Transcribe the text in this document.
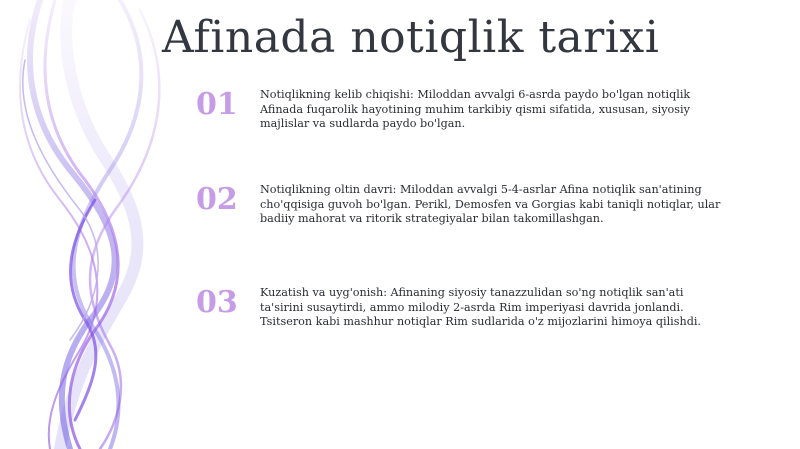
Afinada notiqlik tarixi
01 Notiqlikning kelib chiqishi: Miloddan avvalgi 6-asrda paydo bo'lgan notiqlik Afinada fuqarolik hayotining muhim tarkibiy qismi sifatida, xususan, siyosiy majlislar va sudlarda paydo bo'lgan.
02 Notiqlikning oltin davri: Miloddan avvalgi 5-4-asrlar Afina notiqlik san'atining cho'qqisiga guvoh bo'lgan. Perikl, Demosfen va Gorgias kabi taniqli notiqlar, ular badiiy mahorat va ritorik strategiyalar bilan takomillashgan.
03 Kuzatish va uyg'onish: Afinaning siyosiy tanazzulidan so'ng notiqlik san'ati ta'sirini susaytirdi, ammo milodiy 2-asrda Rim imperiyasi davrida jonlandi. Tsitseron kabi mashhur notiqlar Rim sudlarida o'z mijozlarini himoya qilishdi.
